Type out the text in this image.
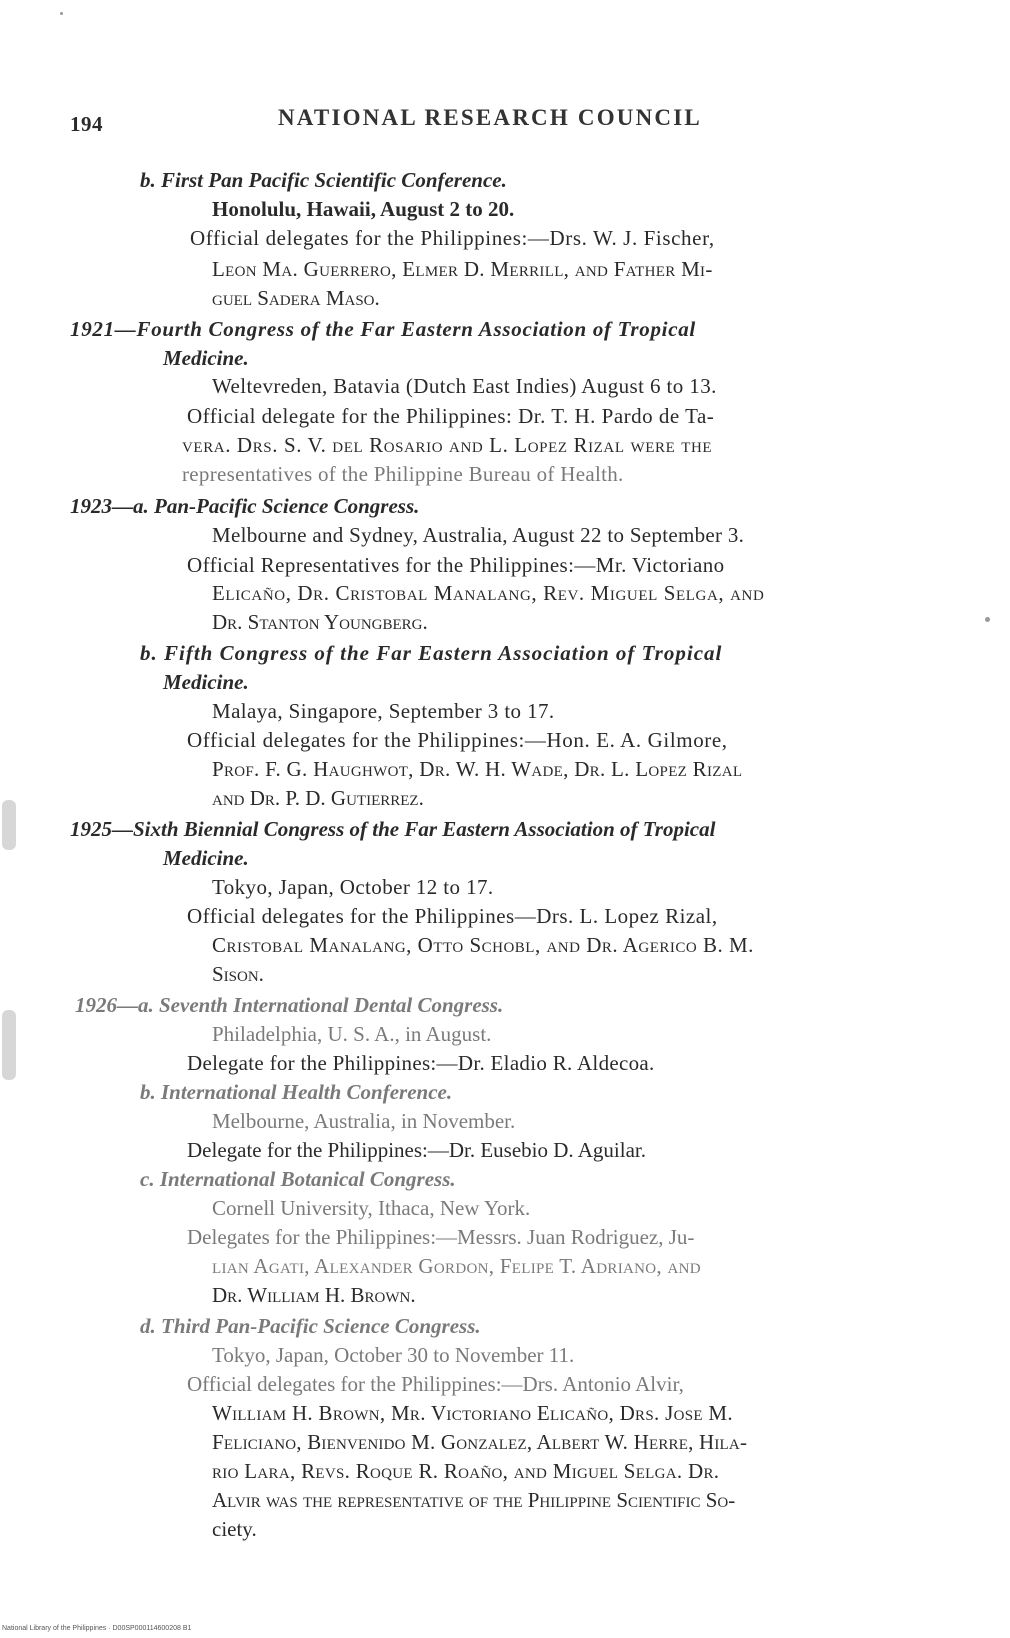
194	NATIONAL RESEARCH COUNCIL
b. First Pan Pacific Scientific Conference.
Honolulu, Hawaii, August 2 to 20.
Official delegates for the Philippines:—Drs. W. J. Fischer,
Leon Ma. Guerrero, Elmer D. Merrill, and Father Mi-
guel Sadera Maso.
1921—Fourth Congress of the Far Eastern Association of Tropical
Medicine.
Weltevreden, Batavia (Dutch East Indies) August 6 to 13.
Official delegate for the Philippines: Dr. T. H. Pardo de Ta-
vera. Drs. S. V. del Rosario and L. Lopez Rizal were the
representatives of the Philippine Bureau of Health.
1923—a. Pan-Pacific Science Congress.
Melbourne and Sydney, Australia, August 22 to September 3.
Official Representatives for the Philippines:—Mr. Victoriano
Elicaño, Dr. Cristobal Manalang, Rev. Miguel Selga, and
Dr. Stanton Youngberg.
b. Fifth Congress of the Far Eastern Association of Tropical
Medicine.
Malaya, Singapore, September 3 to 17.
Official delegates for the Philippines:—Hon. E. A. Gilmore,
Prof. F. G. Haughwot, Dr. W. H. Wade, Dr. L. Lopez Rizal
and Dr. P. D. Gutierrez.
1925—Sixth Biennial Congress of the Far Eastern Association of Tropical
Medicine.
Tokyo, Japan, October 12 to 17.
Official delegates for the Philippines—Drs. L. Lopez Rizal,
Cristobal Manalang, Otto Schobl, and Dr. Agerico B. M.
Sison.
1926—a. Seventh International Dental Congress.
Philadelphia, U. S. A., in August.
Delegate for the Philippines:—Dr. Eladio R. Aldecoa.
b. International Health Conference.
Melbourne, Australia, in November.
Delegate for the Philippines:—Dr. Eusebio D. Aguilar.
c. International Botanical Congress.
Cornell University, Ithaca, New York.
Delegates for the Philippines:—Messrs. Juan Rodriguez, Ju-
lian Agati, Alexander Gordon, Felipe T. Adriano, and
Dr. William H. Brown.
d. Third Pan-Pacific Science Congress.
Tokyo, Japan, October 30 to November 11.
Official delegates for the Philippines:—Drs. Antonio Alvir,
William H. Brown, Mr. Victoriano Elicaño, Drs. Jose M.
Feliciano, Bienvenido M. Gonzalez, Albert W. Herre, Hila-
rio Lara, Revs. Roque R. Roaño, and Miguel Selga. Dr.
Alvir was the representative of the Philippine Scientific So-
ciety.
National Library of the Philippines · D00SP000114600208 B1
